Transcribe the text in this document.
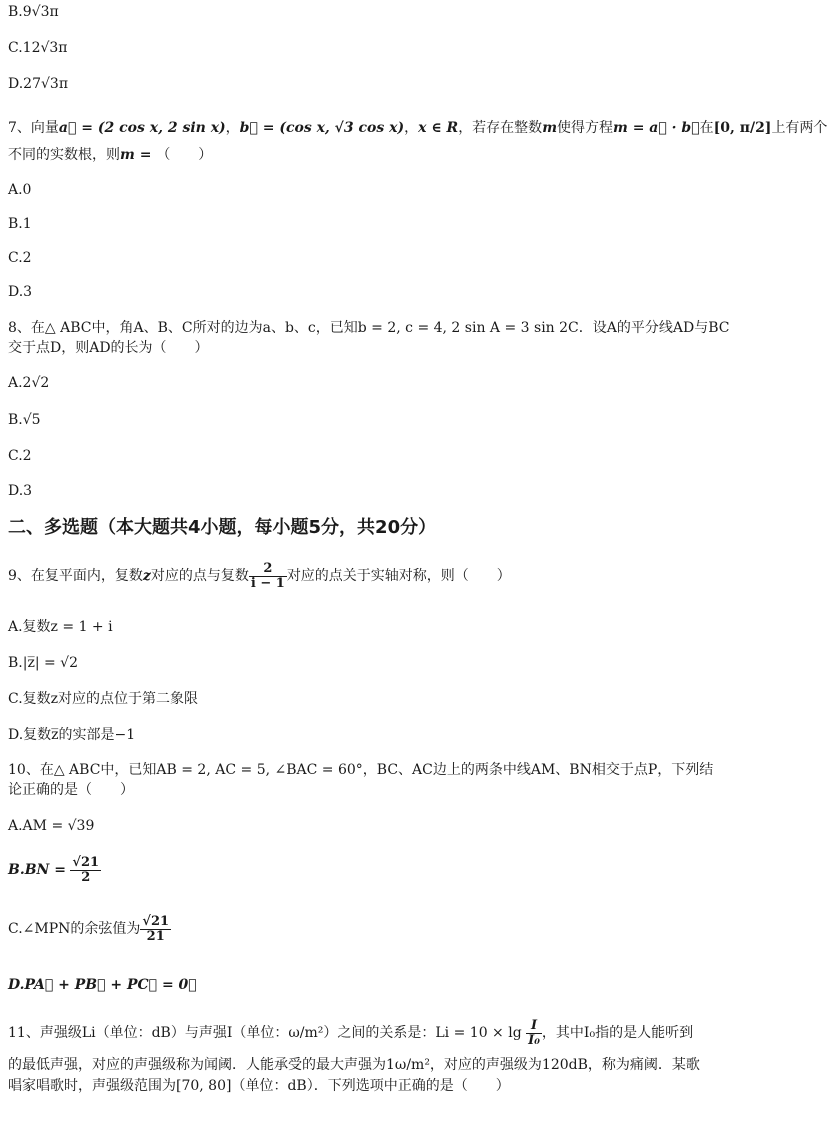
B.9√3π
C.12√3π
D.27√3π
7、向量a⃗ = (2 cos x, 2 sin x)，b⃗ = (cos x, √3 cos x)，x ∈ R，若存在整数m使得方程m = a⃗ · b⃗在[0, π/2]上有两个
不同的实数根，则m = （　　）
A.0
B.1
C.2
D.3
8、在△ ABC中，角A、B、C所对的边为a、b、c，已知b = 2, c = 4, 2 sin A = 3 sin 2C．设A的平分线AD与BC
交于点D，则AD的长为（　　）
A.2√2
B.√5
C.2
D.3
二、多选题（本大题共4小题，每小题5分，共20分）
9、在复平面内，复数z对应的点与复数 $\frac{2}{i - 1}$ 对应的点关于实轴对称，则（　　）
A.复数z = 1 + i
B.|z̅| = √2
C.复数z对应的点位于第二象限
D.复数z̅的实部是−1
10、在△ ABC中，已知AB = 2, AC = 5, ∠BAC = 60°，BC、AC边上的两条中线AM、BN相交于点P，下列结
论正确的是（　　）
A.AM = √39
$B.BN = \frac{√21}{2}$
C.∠MPN的余弦值为 $\frac{√21}{21}$
D.PA⃗ + PB⃗ + PC⃗ = 0⃗
11、声强级Li（单位：dB）与声强I（单位：ω/m²）之间的关系是：$Li = 10 \times \lg \frac{I}{\text{I₀}}$ ，其中I₀指的是人能听到
的最低声强，对应的声强级称为闻阈．人能承受的最大声强为1ω/m²，对应的声强级为120dB，称为痛阈．某歌
唱家唱歌时，声强级范围为[70, 80]（单位：dB）．下列选项中正确的是（　　）
